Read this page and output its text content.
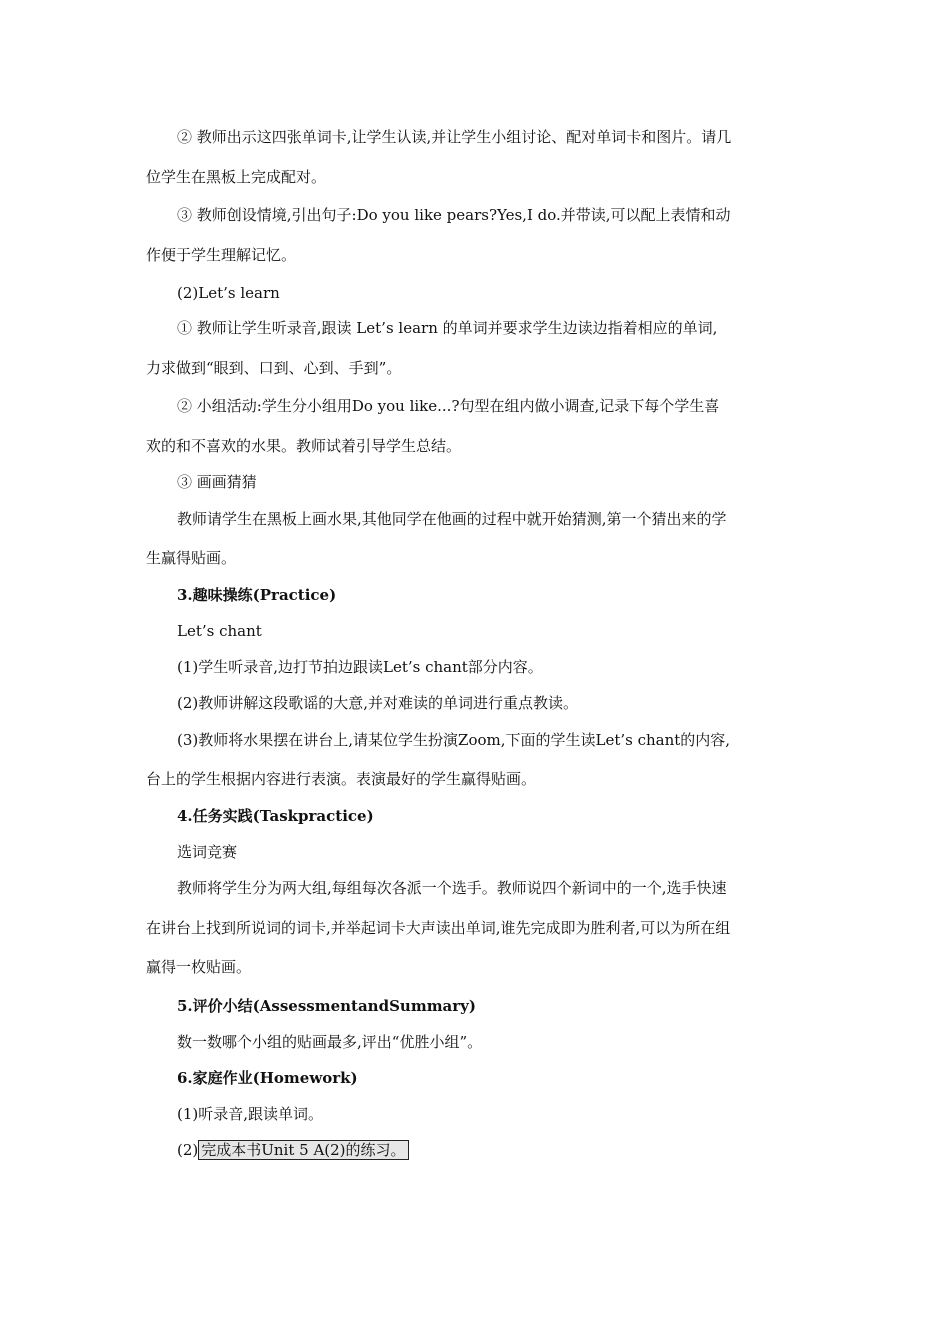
② 教师出示这四张单词卡,让学生认读,并让学生小组讨论、配对单词卡和图片。请几
位学生在黑板上完成配对。
③ 教师创设情境,引出句子:Do you like pears?Yes,I do.并带读,可以配上表情和动
作便于学生理解记忆。
(2)Let’s learn
① 教师让学生听录音,跟读 Let’s learn 的单词并要求学生边读边指着相应的单词,
力求做到“眼到、口到、心到、手到”。
② 小组活动:学生分小组用Do you like...?句型在组内做小调查,记录下每个学生喜
欢的和不喜欢的水果。教师试着引导学生总结。
③ 画画猜猜
教师请学生在黑板上画水果,其他同学在他画的过程中就开始猜测,第一个猜出来的学
生赢得贴画。
3.趣味操练(Practice)
Let’s chant
(1)学生听录音,边打节拍边跟读Let’s chant部分内容。
(2)教师讲解这段歌谣的大意,并对难读的单词进行重点教读。
(3)教师将水果摆在讲台上,请某位学生扮演Zoom,下面的学生读Let’s chant的内容,
台上的学生根据内容进行表演。表演最好的学生赢得贴画。
4.任务实践(Taskpractice)
选词竞赛
教师将学生分为两大组,每组每次各派一个选手。教师说四个新词中的一个,选手快速
在讲台上找到所说词的词卡,并举起词卡大声读出单词,谁先完成即为胜利者,可以为所在组
赢得一枚贴画。
5.评价小结(AssessmentandSummary)
数一数哪个小组的贴画最多,评出“优胜小组”。
6.家庭作业(Homework)
(1)听录音,跟读单词。
(2) 完成本书Unit 5 A(2)的练习。
